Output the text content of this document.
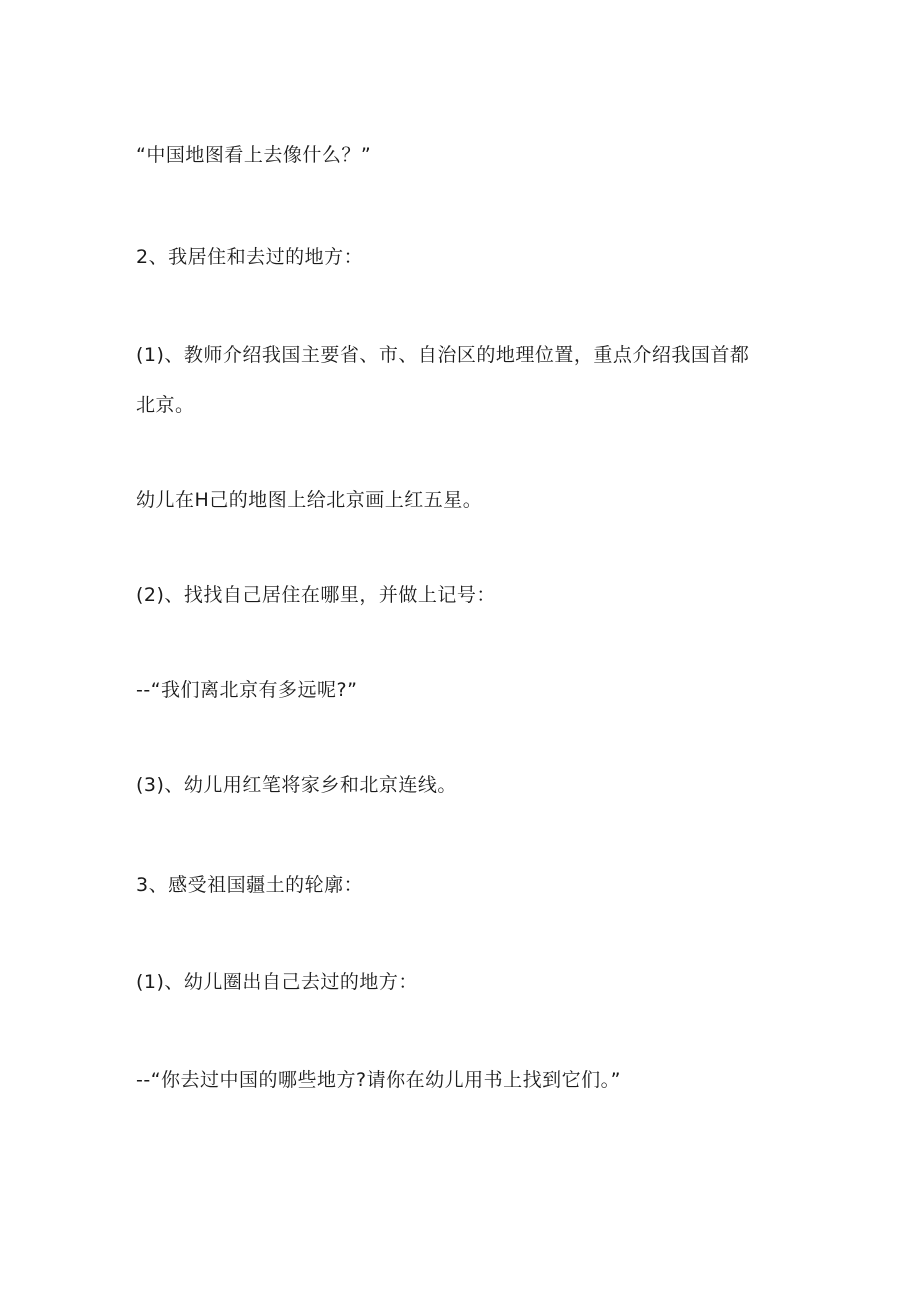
“中国地图看上去像什么？”
2、我居住和去过的地方：
(1)、教师介绍我国主要省、市、自治区的地理位置，重点介绍我国首都
北京。
幼儿在H己的地图上给北京画上红五星。
(2)、找找自己居住在哪里，并做上记号：
--“我们离北京有多远呢?”
(3)、幼儿用红笔将家乡和北京连线。
3、感受祖国疆土的轮廓：
(1)、幼儿圈出自己去过的地方：
--“你去过中国的哪些地方?请你在幼儿用书上找到它们。”
